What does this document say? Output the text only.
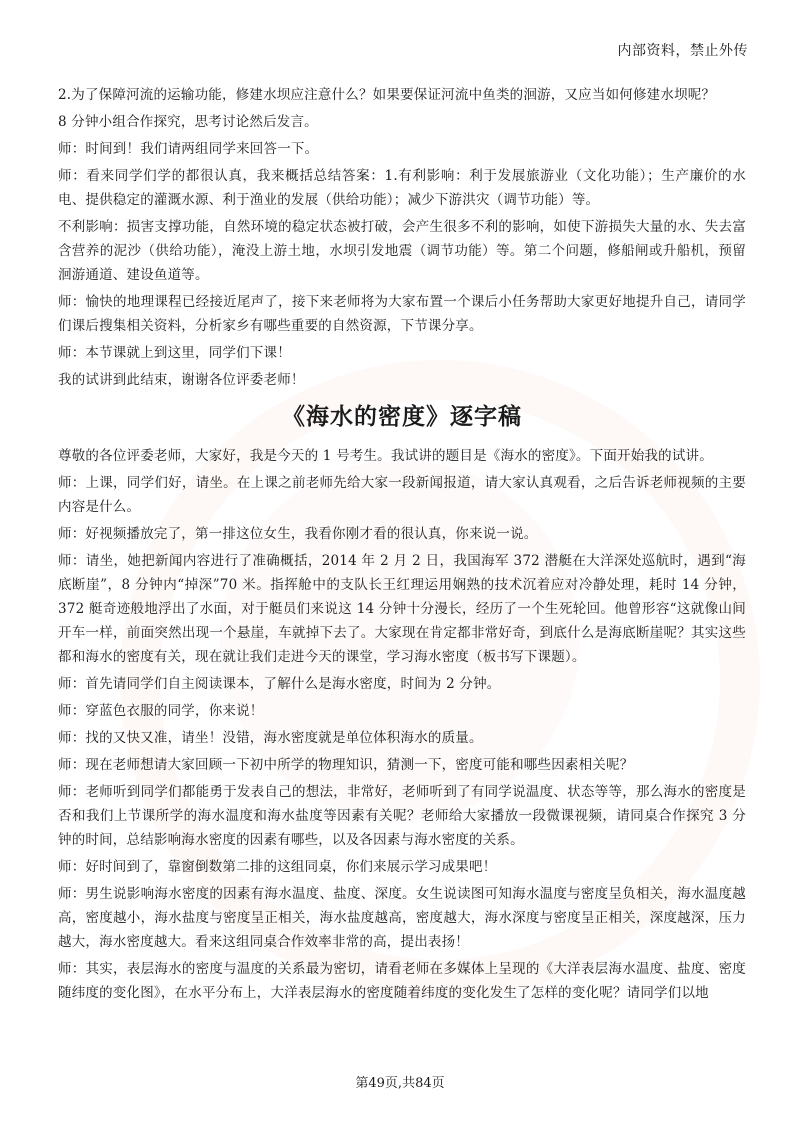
内部资料，禁止外传

2.为了保障河流的运输功能，修建水坝应注意什么？如果要保证河流中鱼类的洄游，又应当如何修建水坝呢？

8 分钟小组合作探究，思考讨论然后发言。

师：时间到！我们请两组同学来回答一下。

师：看来同学们学的都很认真，我来概括总结答案：1.有利影响：利于发展旅游业（文化功能）；生产廉价的水电、提供稳定的灌溉水源、利于渔业的发展（供给功能）；减少下游洪灾（调节功能）等。

不利影响：损害支撑功能，自然环境的稳定状态被打破，会产生很多不利的影响，如使下游损失大量的水、失去富含营养的泥沙（供给功能），淹没上游土地，水坝引发地震（调节功能）等。第二个问题，修船闸或升船机，预留洄游通道、建设鱼道等。

师：愉快的地理课程已经接近尾声了，接下来老师将为大家布置一个课后小任务帮助大家更好地提升自己，请同学们课后搜集相关资料，分析家乡有哪些重要的自然资源，下节课分享。

师：本节课就上到这里，同学们下课！

我的试讲到此结束，谢谢各位评委老师！

《海水的密度》逐字稿

尊敬的各位评委老师，大家好，我是今天的 1 号考生。我试讲的题目是《海水的密度》。下面开始我的试讲。

师：上课，同学们好，请坐。在上课之前老师先给大家一段新闻报道，请大家认真观看，之后告诉老师视频的主要内容是什么。

师：好视频播放完了，第一排这位女生，我看你刚才看的很认真，你来说一说。

师：请坐，她把新闻内容进行了准确概括，2014 年 2 月 2 日，我国海军 372 潜艇在大洋深处巡航时，遇到“海底断崖”，8 分钟内“掉深”70 米。指挥舱中的支队长王红理运用娴熟的技术沉着应对冷静处理，耗时 14 分钟，372 艇奇迹般地浮出了水面，对于艇员们来说这 14 分钟十分漫长，经历了一个生死轮回。他曾形容“这就像山间开车一样，前面突然出现一个悬崖，车就掉下去了。大家现在肯定都非常好奇，到底什么是海底断崖呢？其实这些都和海水的密度有关，现在就让我们走进今天的课堂，学习海水密度（板书写下课题）。

师：首先请同学们自主阅读课本，了解什么是海水密度，时间为 2 分钟。

师：穿蓝色衣服的同学，你来说！

师：找的又快又准，请坐！没错，海水密度就是单位体积海水的质量。

师：现在老师想请大家回顾一下初中所学的物理知识，猜测一下，密度可能和哪些因素相关呢？

师：老师听到同学们都能勇于发表自己的想法，非常好，老师听到了有同学说温度、状态等等，那么海水的密度是否和我们上节课所学的海水温度和海水盐度等因素有关呢？老师给大家播放一段微课视频，请同桌合作探究 3 分钟的时间，总结影响海水密度的因素有哪些，以及各因素与海水密度的关系。

师：好时间到了，靠窗倒数第二排的这组同桌，你们来展示学习成果吧！

师：男生说影响海水密度的因素有海水温度、盐度、深度。女生说读图可知海水温度与密度呈负相关，海水温度越高，密度越小，海水盐度与密度呈正相关，海水盐度越高，密度越大，海水深度与密度呈正相关，深度越深，压力越大，海水密度越大。看来这组同桌合作效率非常的高，提出表扬！

师：其实，表层海水的密度与温度的关系最为密切，请看老师在多媒体上呈现的《大洋表层海水温度、盐度、密度随纬度的变化图》，在水平分布上，大洋表层海水的密度随着纬度的变化发生了怎样的变化呢？请同学们以地

第49页,共84页
